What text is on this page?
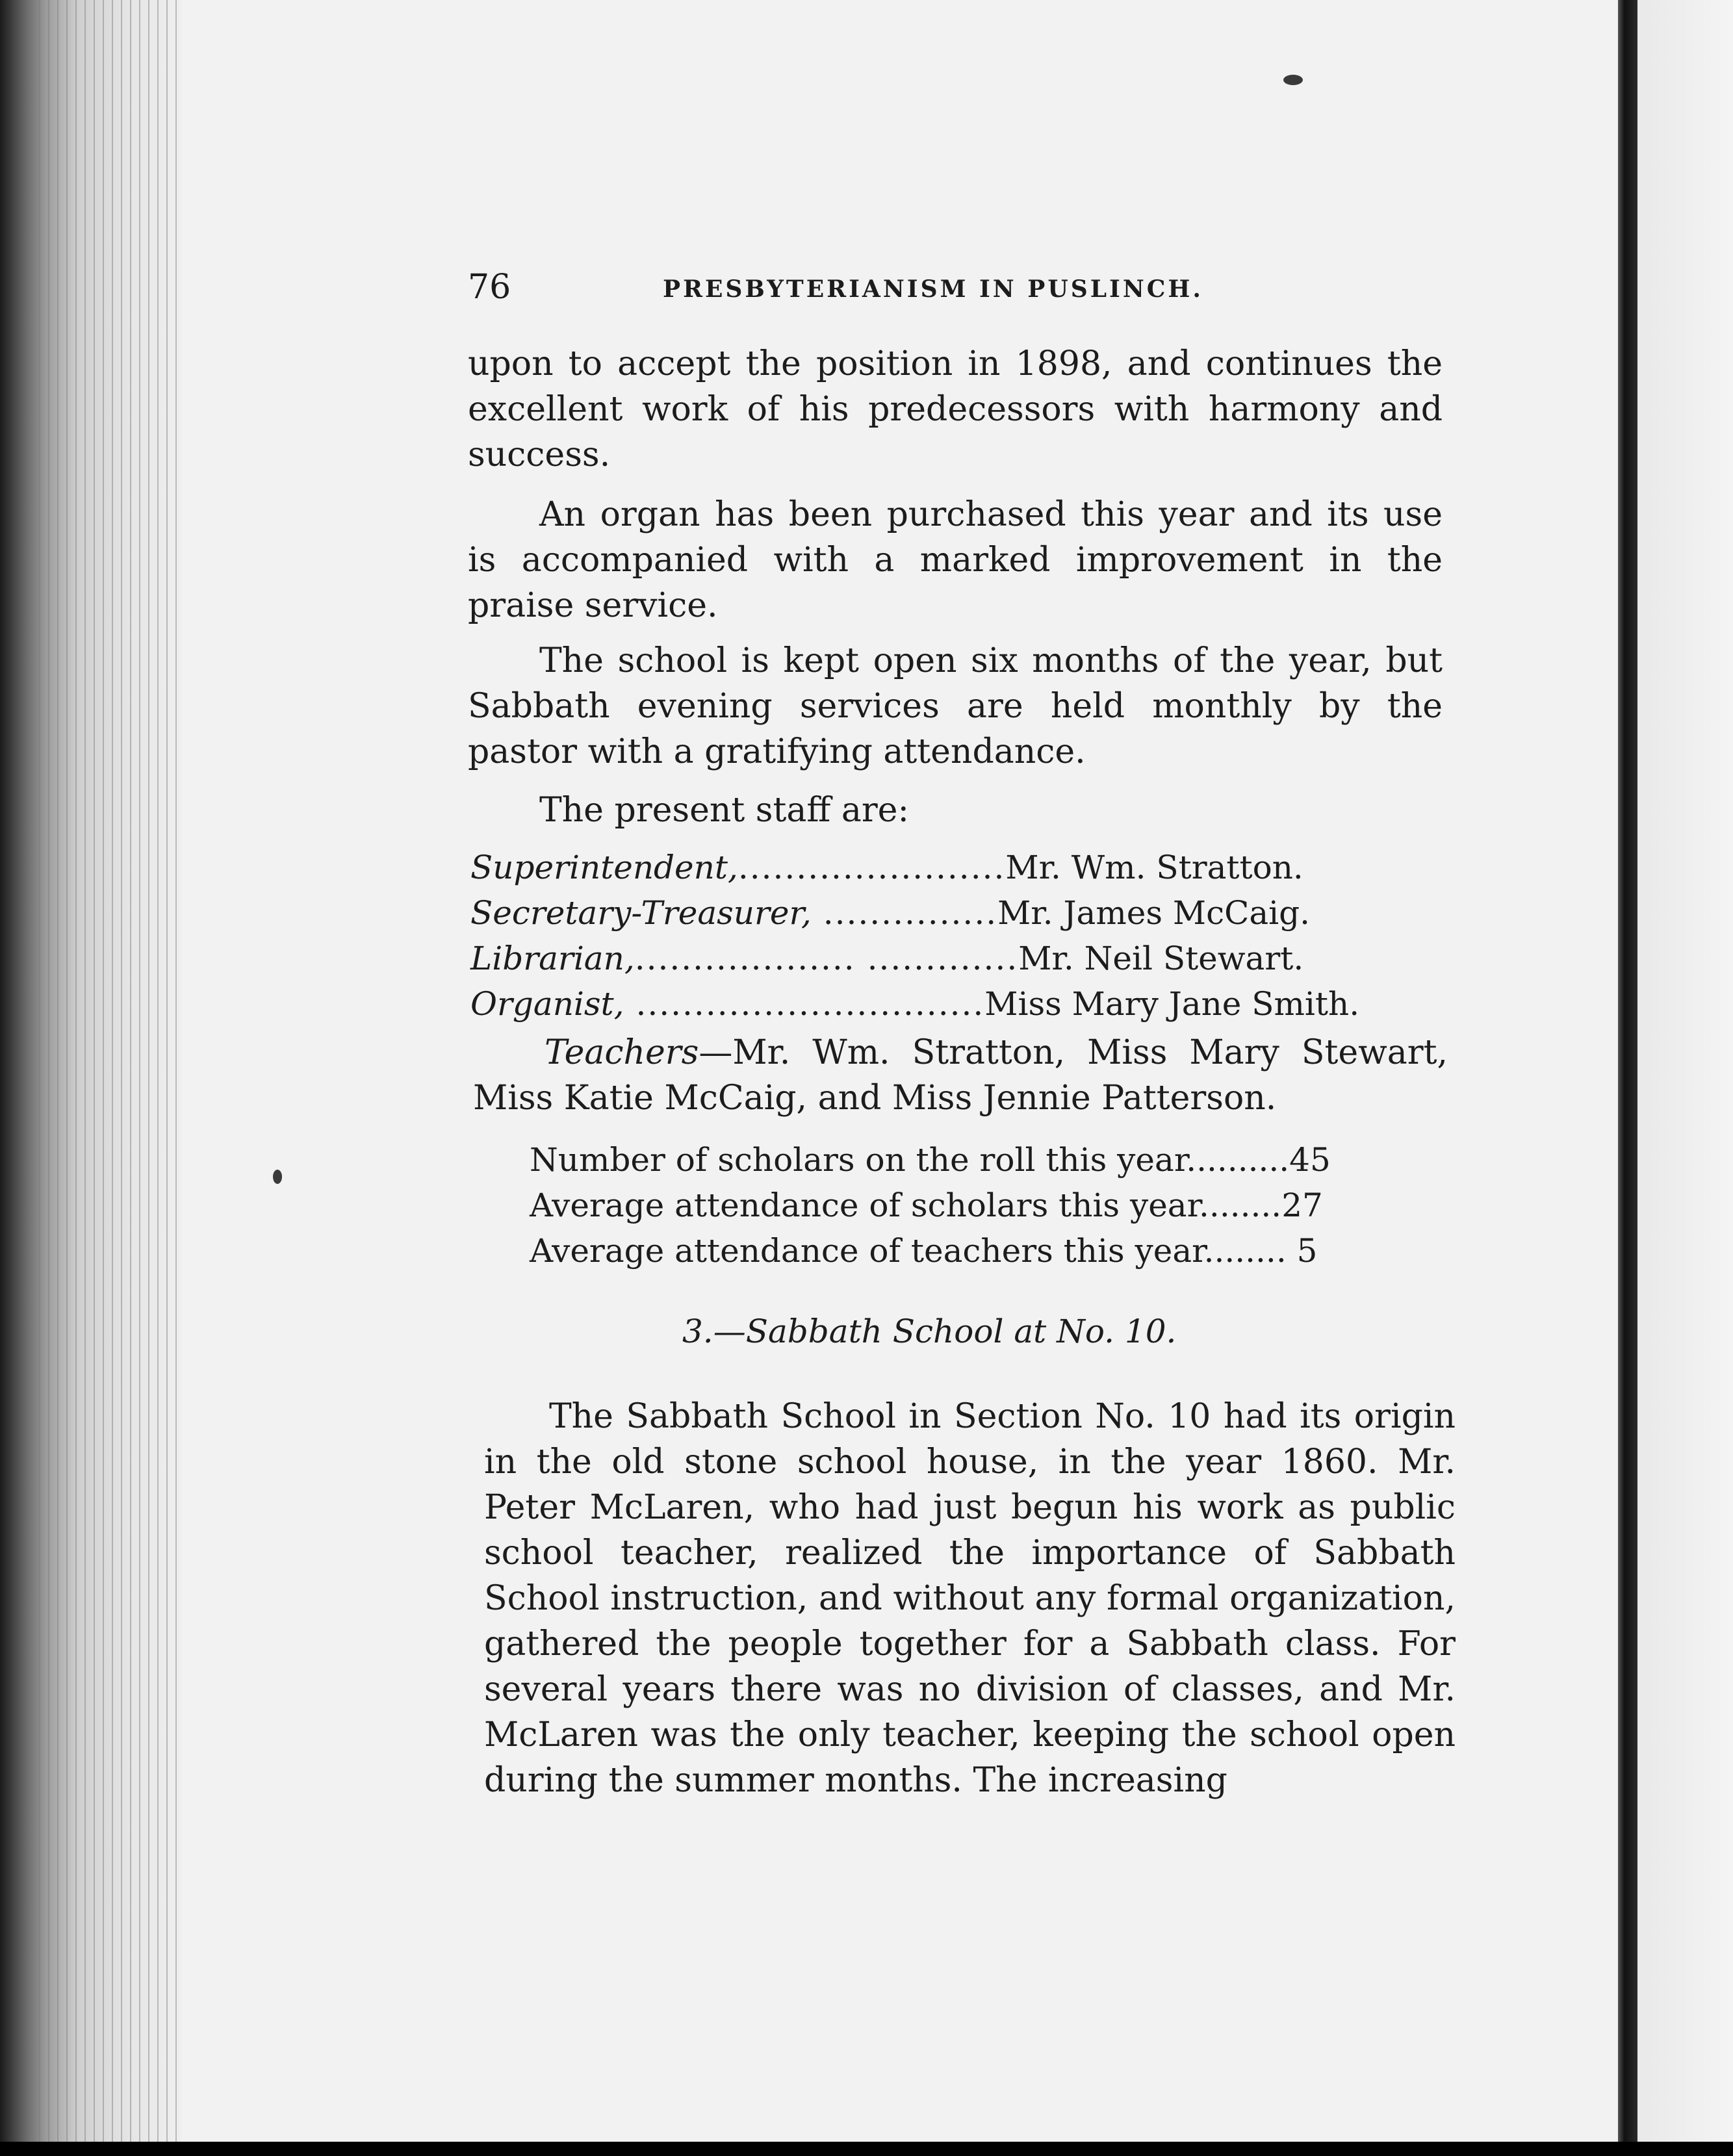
76	PRESBYTERIANISM IN PUSLINCH.

upon to accept the position in 1898, and continues the excellent work of his predecessors with harmony and success.

An organ has been purchased this year and its use is accompanied with a marked improvement in the praise service.

The school is kept open six months of the year, but Sabbath evening services are held monthly by the pastor with a gratifying attendance.

The present staff are:

Superintendent,.......................Mr. Wm. Stratton.
Secretary-Treasurer, ...............Mr. James McCaig.
Librarian,................... .............Mr. Neil Stewart.
Organist, ..............................Miss Mary Jane Smith.

Teachers—Mr. Wm. Stratton, Miss Mary Stewart, Miss Katie McCaig, and Miss Jennie Patterson.

Number of scholars on the roll this year..........45
Average attendance of scholars this year........27
Average attendance of teachers this year........ 5
3.—Sabbath School at No. 10.

The Sabbath School in Section No. 10 had its origin in the old stone school house, in the year 1860. Mr. Peter McLaren, who had just begun his work as public school teacher, realized the importance of Sabbath School instruction, and without any formal organization, gathered the people together for a Sabbath class. For several years there was no division of classes, and Mr. McLaren was the only teacher, keeping the school open during the summer months. The increasing
